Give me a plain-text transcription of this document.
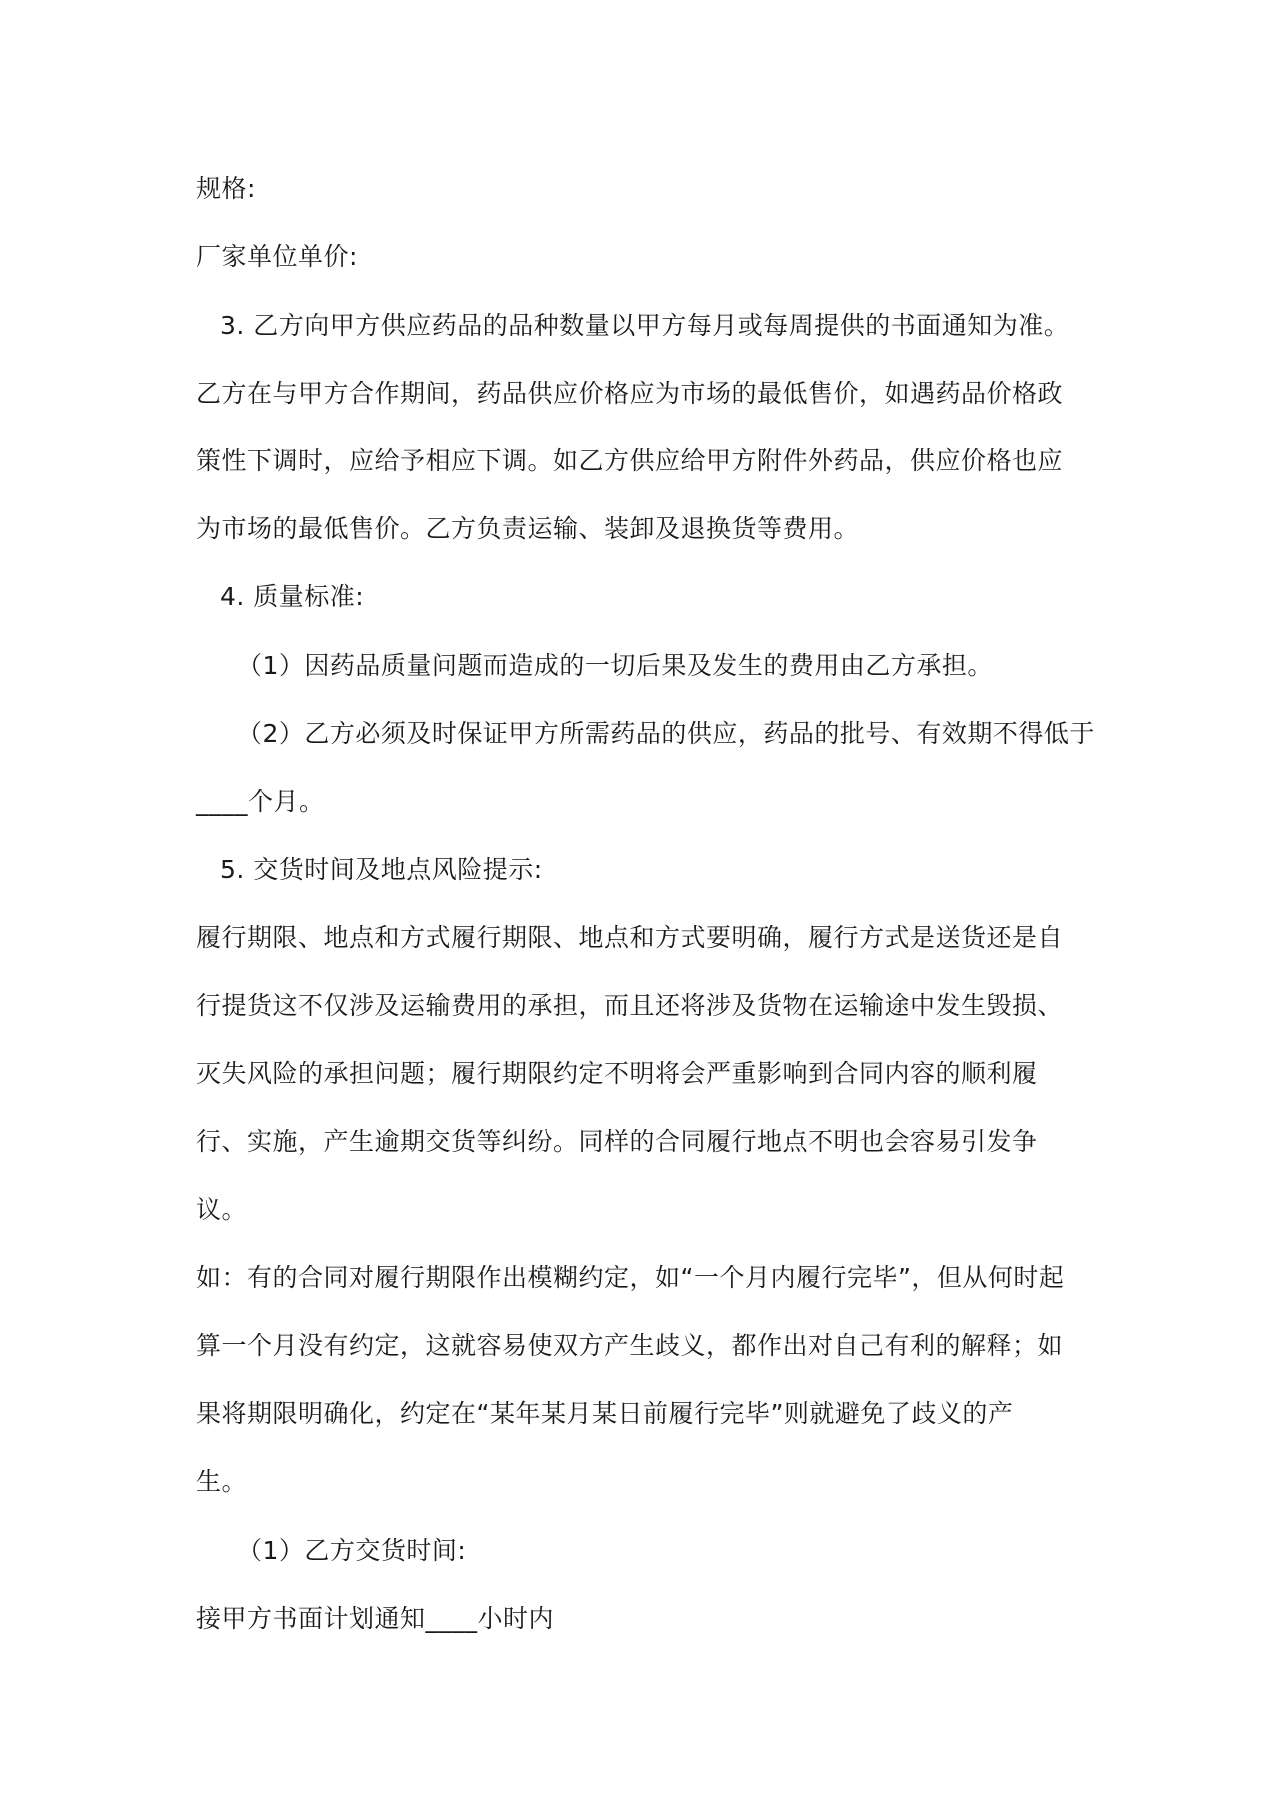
规格:
厂家单位单价:
3. 乙方向甲方供应药品的品种数量以甲方每月或每周提供的书面通知为准。
乙方在与甲方合作期间，药品供应价格应为市场的最低售价，如遇药品价格政
策性下调时，应给予相应下调。如乙方供应给甲方附件外药品，供应价格也应
为市场的最低售价。乙方负责运输、装卸及退换货等费用。
4. 质量标准:
（1）因药品质量问题而造成的一切后果及发生的费用由乙方承担。
（2）乙方必须及时保证甲方所需药品的供应，药品的批号、有效期不得低于
____个月。
5. 交货时间及地点风险提示:
履行期限、地点和方式履行期限、地点和方式要明确，履行方式是送货还是自
行提货这不仅涉及运输费用的承担，而且还将涉及货物在运输途中发生毁损、
灭失风险的承担问题；履行期限约定不明将会严重影响到合同内容的顺利履
行、实施，产生逾期交货等纠纷。同样的合同履行地点不明也会容易引发争
议。
如：有的合同对履行期限作出模糊约定，如“一个月内履行完毕”，但从何时起
算一个月没有约定，这就容易使双方产生歧义，都作出对自己有利的解释；如
果将期限明确化，约定在“某年某月某日前履行完毕”则就避免了歧义的产
生。
（1）乙方交货时间:
接甲方书面计划通知____小时内
